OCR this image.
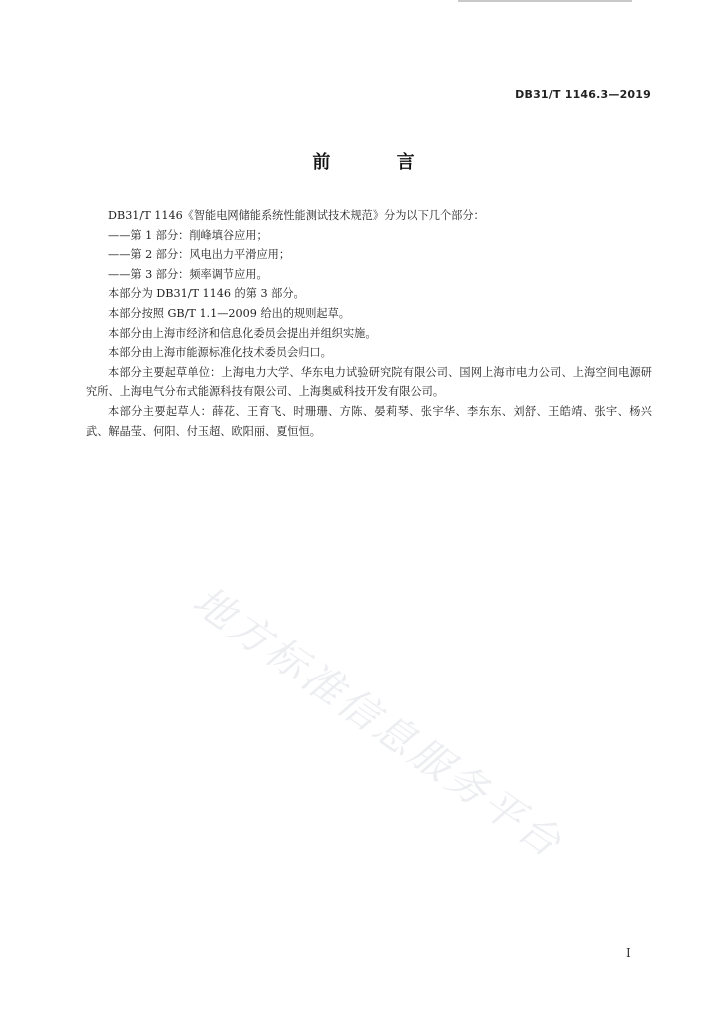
DB31/T 1146.3—2019
前 言

DB31/T 1146《智能电网储能系统性能测试技术规范》分为以下几个部分：

——第 1 部分：削峰填谷应用；

——第 2 部分：风电出力平滑应用；

——第 3 部分：频率调节应用。

本部分为 DB31/T 1146 的第 3 部分。

本部分按照 GB/T 1.1—2009 给出的规则起草。

本部分由上海市经济和信息化委员会提出并组织实施。

本部分由上海市能源标准化技术委员会归口。

本部分主要起草单位：上海电力大学、华东电力试验研究院有限公司、国网上海市电力公司、上海空间电源研究所、上海电气分布式能源科技有限公司、上海奥威科技开发有限公司。

本部分主要起草人：薛花、王育飞、时珊珊、方陈、晏莉琴、张宇华、李东东、刘舒、王皓靖、张宇、杨兴武、解晶莹、何阳、付玉超、欧阳丽、夏恒恒。

地方标准信息服务平台
I
